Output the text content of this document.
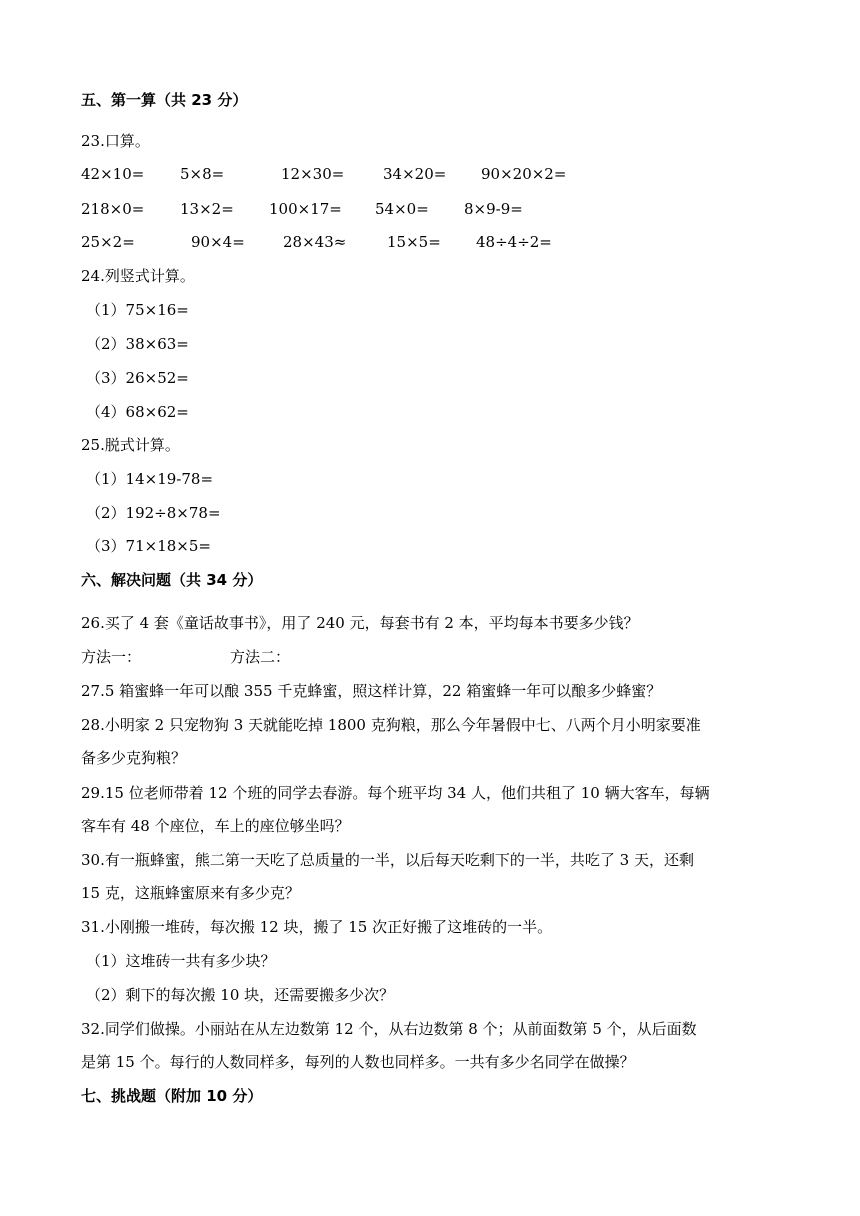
五、第一算（共 23 分）
23.口算。
42×10= 5×8=	12×30=	34×20= 90×20×2=
218×0= 13×2= 100×17= 54×0= 8×9-9=
25×2=	90×4=	28×43≈	15×5= 48÷4÷2=
24.列竖式计算。
（1）75×16=
（2）38×63=
（3）26×52=
（4）68×62=
25.脱式计算。
（1）14×19-78=
（2）192÷8×78=
（3）71×18×5=
六、解决问题（共 34 分）
26.买了 4 套《童话故事书》，用了 240 元，每套书有 2 本，平均每本书要多少钱？
方法一：	方法二：
27.5 箱蜜蜂一年可以酿 355 千克蜂蜜，照这样计算，22 箱蜜蜂一年可以酿多少蜂蜜？
28.小明家 2 只宠物狗 3 天就能吃掉 1800 克狗粮，那么今年暑假中七、八两个月小明家要准
备多少克狗粮？
29.15 位老师带着 12 个班的同学去春游。每个班平均 34 人，他们共租了 10 辆大客车，每辆
客车有 48 个座位，车上的座位够坐吗？
30.有一瓶蜂蜜，熊二第一天吃了总质量的一半，以后每天吃剩下的一半，共吃了 3 天，还剩
15 克，这瓶蜂蜜原来有多少克？
31.小刚搬一堆砖，每次搬 12 块，搬了 15 次正好搬了这堆砖的一半。
（1）这堆砖一共有多少块？
（2）剩下的每次搬 10 块，还需要搬多少次？
32.同学们做操。小丽站在从左边数第 12 个，从右边数第 8 个；从前面数第 5 个，从后面数
是第 15 个。每行的人数同样多，每列的人数也同样多。一共有多少名同学在做操？
七、挑战题（附加 10 分）
